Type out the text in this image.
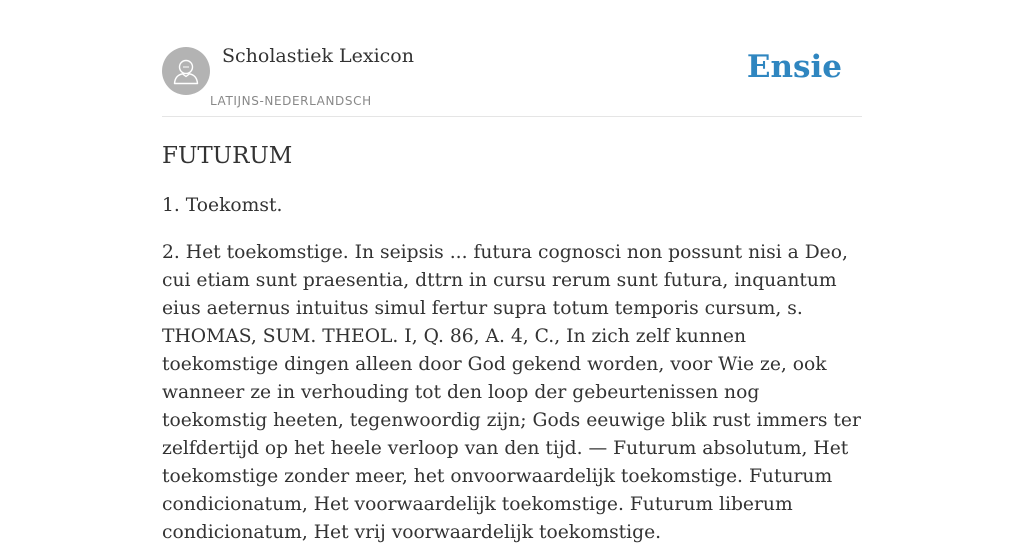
Scholastiek Lexicon
LATIJNS-NEDERLANDSCH
Ensie
FUTURUM

1. Toekomst.

2. Het toekomstige. In seipsis ... futura cognosci non possunt nisi a Deo, cui etiam sunt praesentia, dttrn in cursu rerum sunt futura, inquantum eius aeternus intuitus simul fertur supra totum temporis cursum, s. THOMAS, SUM. THEOL. I, Q. 86, A. 4, C., In zich zelf kunnen toekomstige dingen alleen door God gekend worden, voor Wie ze, ook wanneer ze in verhouding tot den loop der gebeurtenissen nog toekomstig heeten, tegenwoordig zijn; Gods eeuwige blik rust immers ter zelfdertijd op het heele verloop van den tijd. — Futurum absolutum, Het toekomstige zonder meer, het onvoorwaardelijk toekomstige. Futurum condicionatum, Het voorwaardelijk toekomstige. Futurum liberum condicionatum, Het vrij voorwaardelijk toekomstige.
